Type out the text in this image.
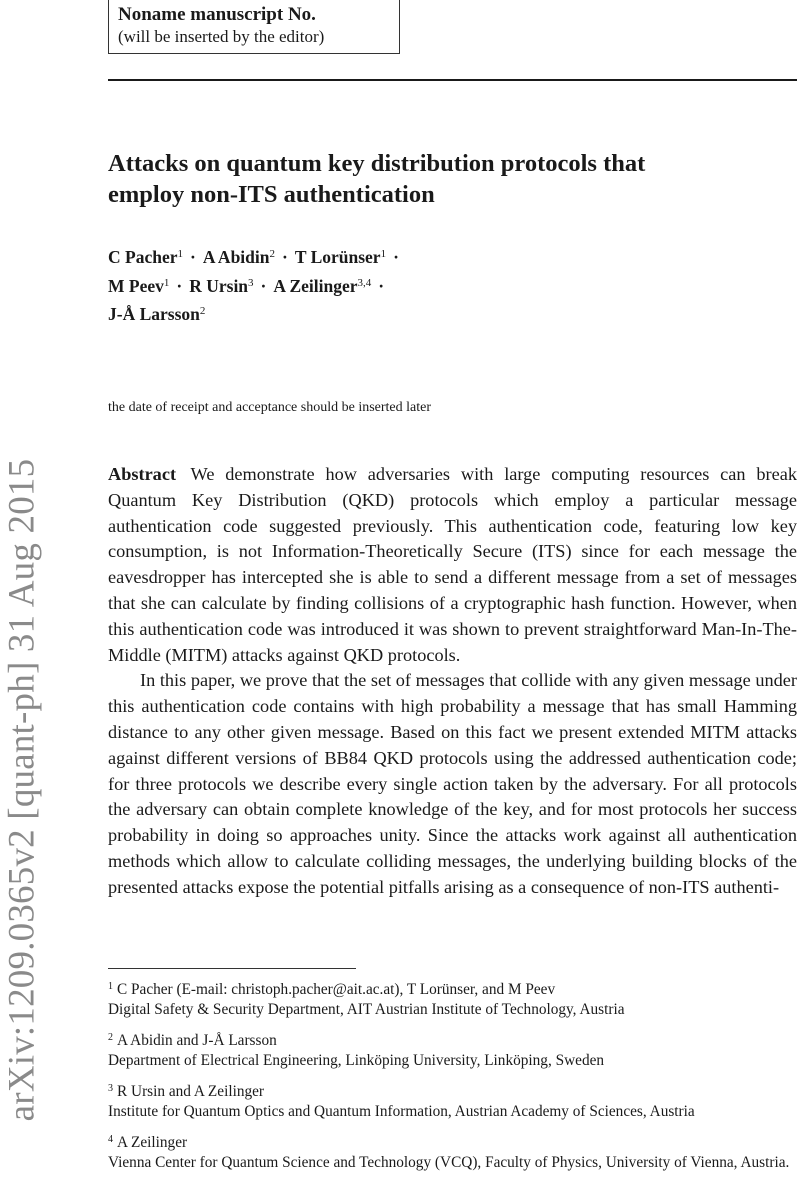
arXiv:1209.0365v2 [quant-ph] 31 Aug 2015
Noname manuscript No.
(will be inserted by the editor)
Attacks on quantum key distribution protocols that
employ non-ITS authentication
C Pacher$^1$ · A Abidin$^2$ · T Lorünser$^1$ ·
M Peev$^1$ · R Ursin$^3$ · A Zeilinger$^{3,4}$ ·
J-Å Larsson$^2$
the date of receipt and acceptance should be inserted later

Abstract We demonstrate how adversaries with large computing resources can break Quantum Key Distribution (QKD) protocols which employ a particular message authentication code suggested previously. This authentication code, featuring low key consumption, is not Information-Theoretically Secure (ITS) since for each message the eavesdropper has intercepted she is able to send a different message from a set of messages that she can calculate by finding collisions of a cryptographic hash function. However, when this authentication code was introduced it was shown to prevent straightforward Man-In-The-Middle (MITM) attacks against QKD protocols.

In this paper, we prove that the set of messages that collide with any given message under this authentication code contains with high probability a message that has small Hamming distance to any other given message. Based on this fact we present extended MITM attacks against different versions of BB84 QKD protocols using the addressed authentication code; for three protocols we describe every single action taken by the adversary. For all protocols the adversary can obtain complete knowledge of the key, and for most protocols her success probability in doing so approaches unity. Since the attacks work against all authentication methods which allow to calculate colliding messages, the underlying building blocks of the presented attacks expose the potential pitfalls arising as a consequence of non-ITS authenti-

$^1$ C Pacher (E-mail: christoph.pacher@ait.ac.at), T Lorünser, and M Peev
Digital Safety & Security Department, AIT Austrian Institute of Technology, Austria
$^2$ A Abidin and J-Å Larsson
Department of Electrical Engineering, Linköping University, Linköping, Sweden
$^3$ R Ursin and A Zeilinger
Institute for Quantum Optics and Quantum Information, Austrian Academy of Sciences, Austria
$^4$ A Zeilinger
Vienna Center for Quantum Science and Technology (VCQ), Faculty of Physics, University of Vienna, Austria.
